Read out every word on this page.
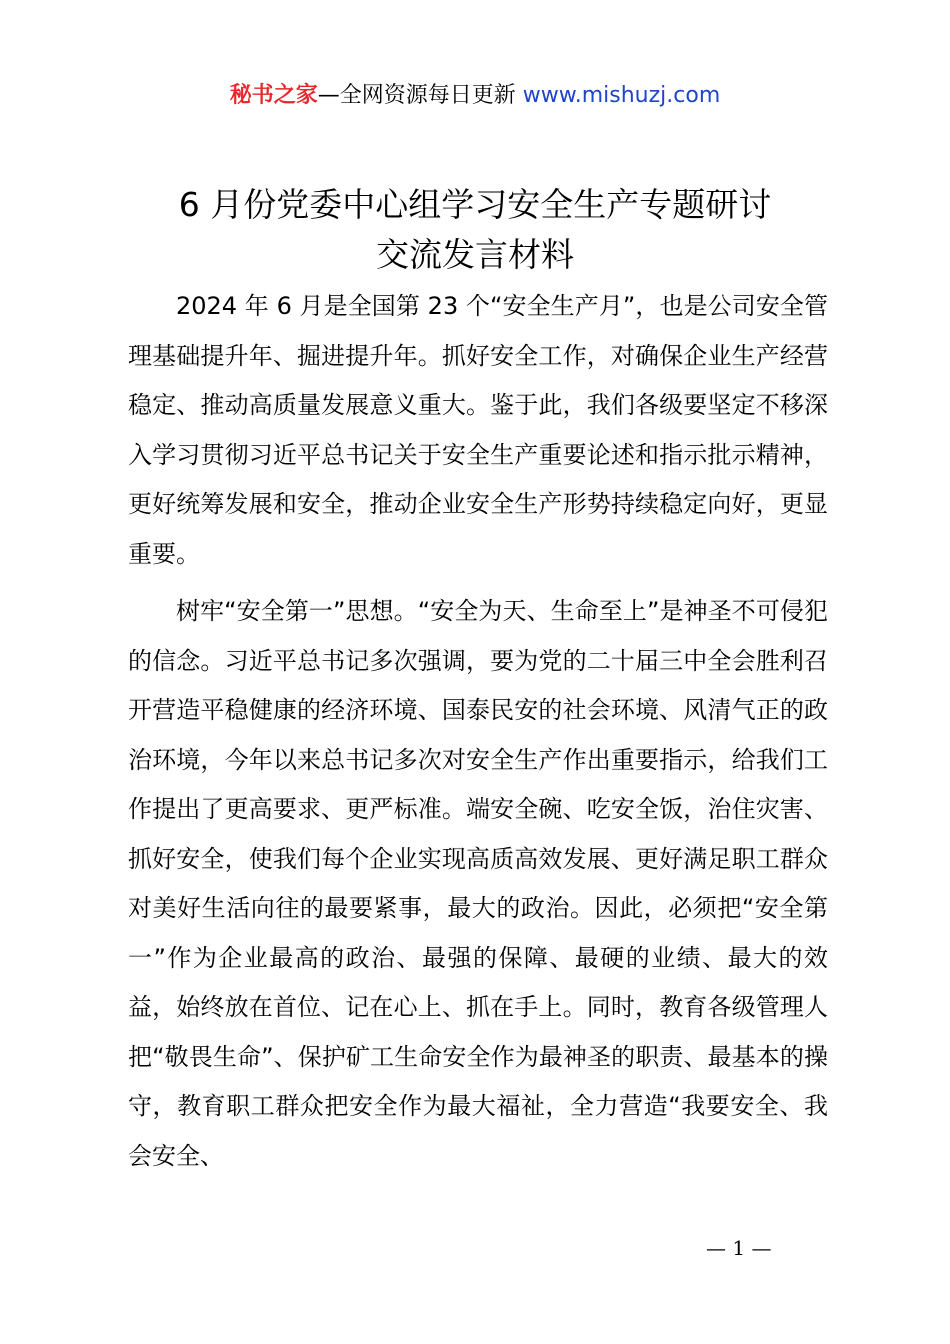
秘书之家—全网资源每日更新 www.mishuzj.com
6 月份党委中心组学习安全生产专题研讨
交流发言材料

2024 年 6 月是全国第 23 个“安全生产月”，也是公司安全管理基础提升年、掘进提升年。抓好安全工作，对确保企业生产经营稳定、推动高质量发展意义重大。鉴于此，我们各级要坚定不移深入学习贯彻习近平总书记关于安全生产重要论述和指示批示精神，更好统筹发展和安全，推动企业安全生产形势持续稳定向好，更显重要。

树牢“安全第一”思想。“安全为天、生命至上”是神圣不可侵犯的信念。习近平总书记多次强调，要为党的二十届三中全会胜利召开营造平稳健康的经济环境、国泰民安的社会环境、风清气正的政治环境，今年以来总书记多次对安全生产作出重要指示，给我们工作提出了更高要求、更严标准。端安全碗、吃安全饭，治住灾害、抓好安全，使我们每个企业实现高质高效发展、更好满足职工群众对美好生活向往的最要紧事，最大的政治。因此，必须把“安全第一”作为企业最高的政治、最强的保障、最硬的业绩、最大的效益，始终放在首位、记在心上、抓在手上。同时，教育各级管理人把“敬畏生命”、保护矿工生命安全作为最神圣的职责、最基本的操守，教育职工群众把安全作为最大福祉，全力营造“我要安全、我会安全、

— 1 —
